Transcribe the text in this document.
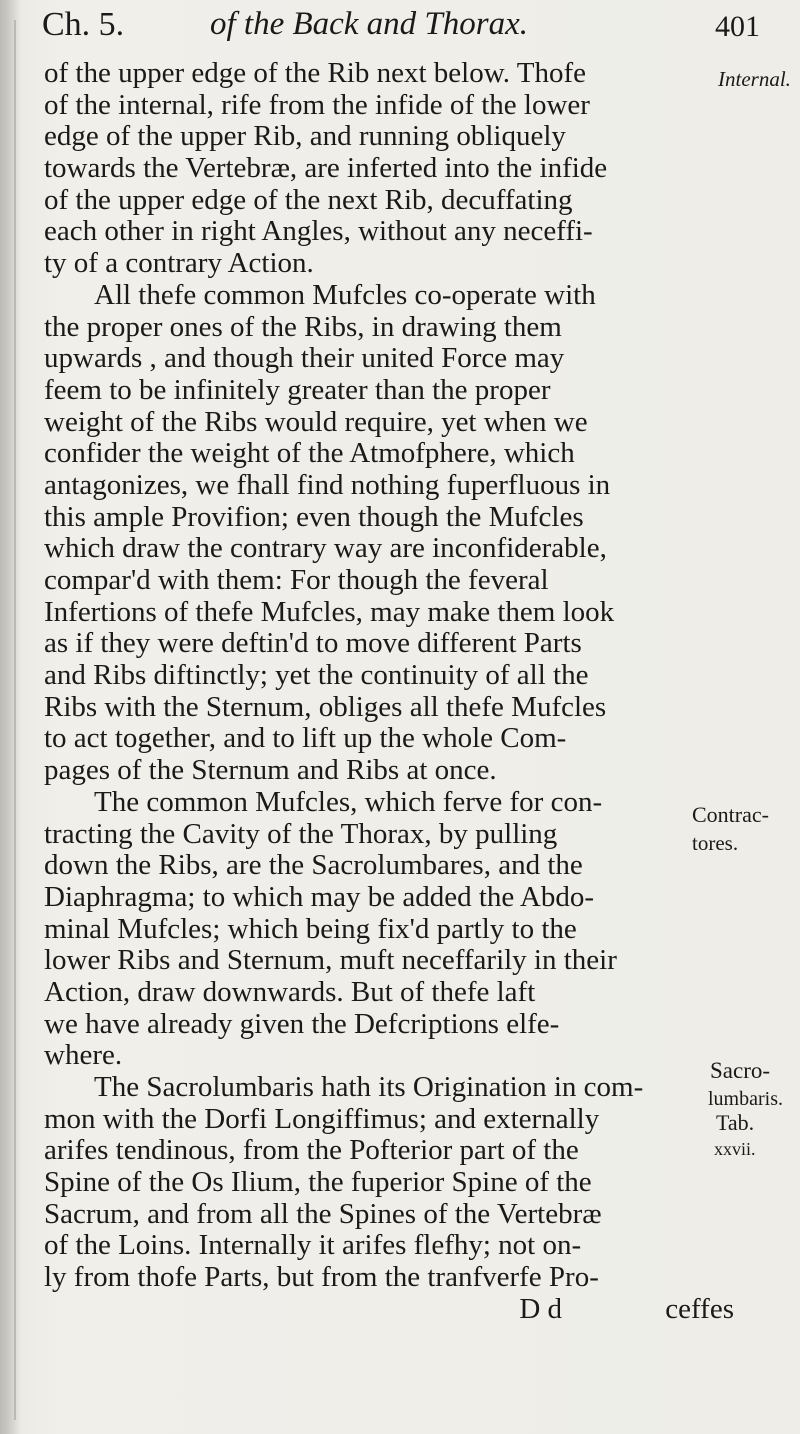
Ch. 5.	of the Back and Thorax.	401
Internal.
Contrac-
tores.
Sacro-
lumbaris.
Tab.
xxvii.
of the upper edge of the Rib next below. Thofe
of the internal, rife from the infide of the lower
edge of the upper Rib, and running obliquely
towards the Vertebræ, are inferted into the infide
of the upper edge of the next Rib, decuffating
each other in right Angles, without any neceffi-
ty of a contrary Action.
All thefe common Mufcles co-operate with
the proper ones of the Ribs, in drawing them
upwards , and though their united Force may
feem to be infinitely greater than the proper
weight of the Ribs would require, yet when we
confider the weight of the Atmofphere, which
antagonizes, we fhall find nothing fuperfluous in
this ample Provifion; even though the Mufcles
which draw the contrary way are inconfiderable,
compar'd with them: For though the feveral
Infertions of thefe Mufcles, may make them look
as if they were deftin'd to move different Parts
and Ribs diftinctly; yet the continuity of all the
Ribs with the Sternum, obliges all thefe Mufcles
to act together, and to lift up the whole Com-
pages of the Sternum and Ribs at once.
The common Mufcles, which ferve for con-
tracting the Cavity of the Thorax, by pulling
down the Ribs, are the Sacrolumbares, and the
Diaphragma; to which may be added the Abdo-
minal Mufcles; which being fix'd partly to the
lower Ribs and Sternum, muft neceffarily in their
Action, draw downwards. But of thefe laft
we have already given the Defcriptions elfe-
where.
The Sacrolumbaris hath its Origination in com-
mon with the Dorfi Longiffimus; and externally
arifes tendinous, from the Pofterior part of the
Spine of the Os Ilium, the fuperior Spine of the
Sacrum, and from all the Spines of the Vertebræ
of the Loins. Internally it arifes flefhy; not on-
ly from thofe Parts, but from the tranfverfe Pro-
D d	ceffes
